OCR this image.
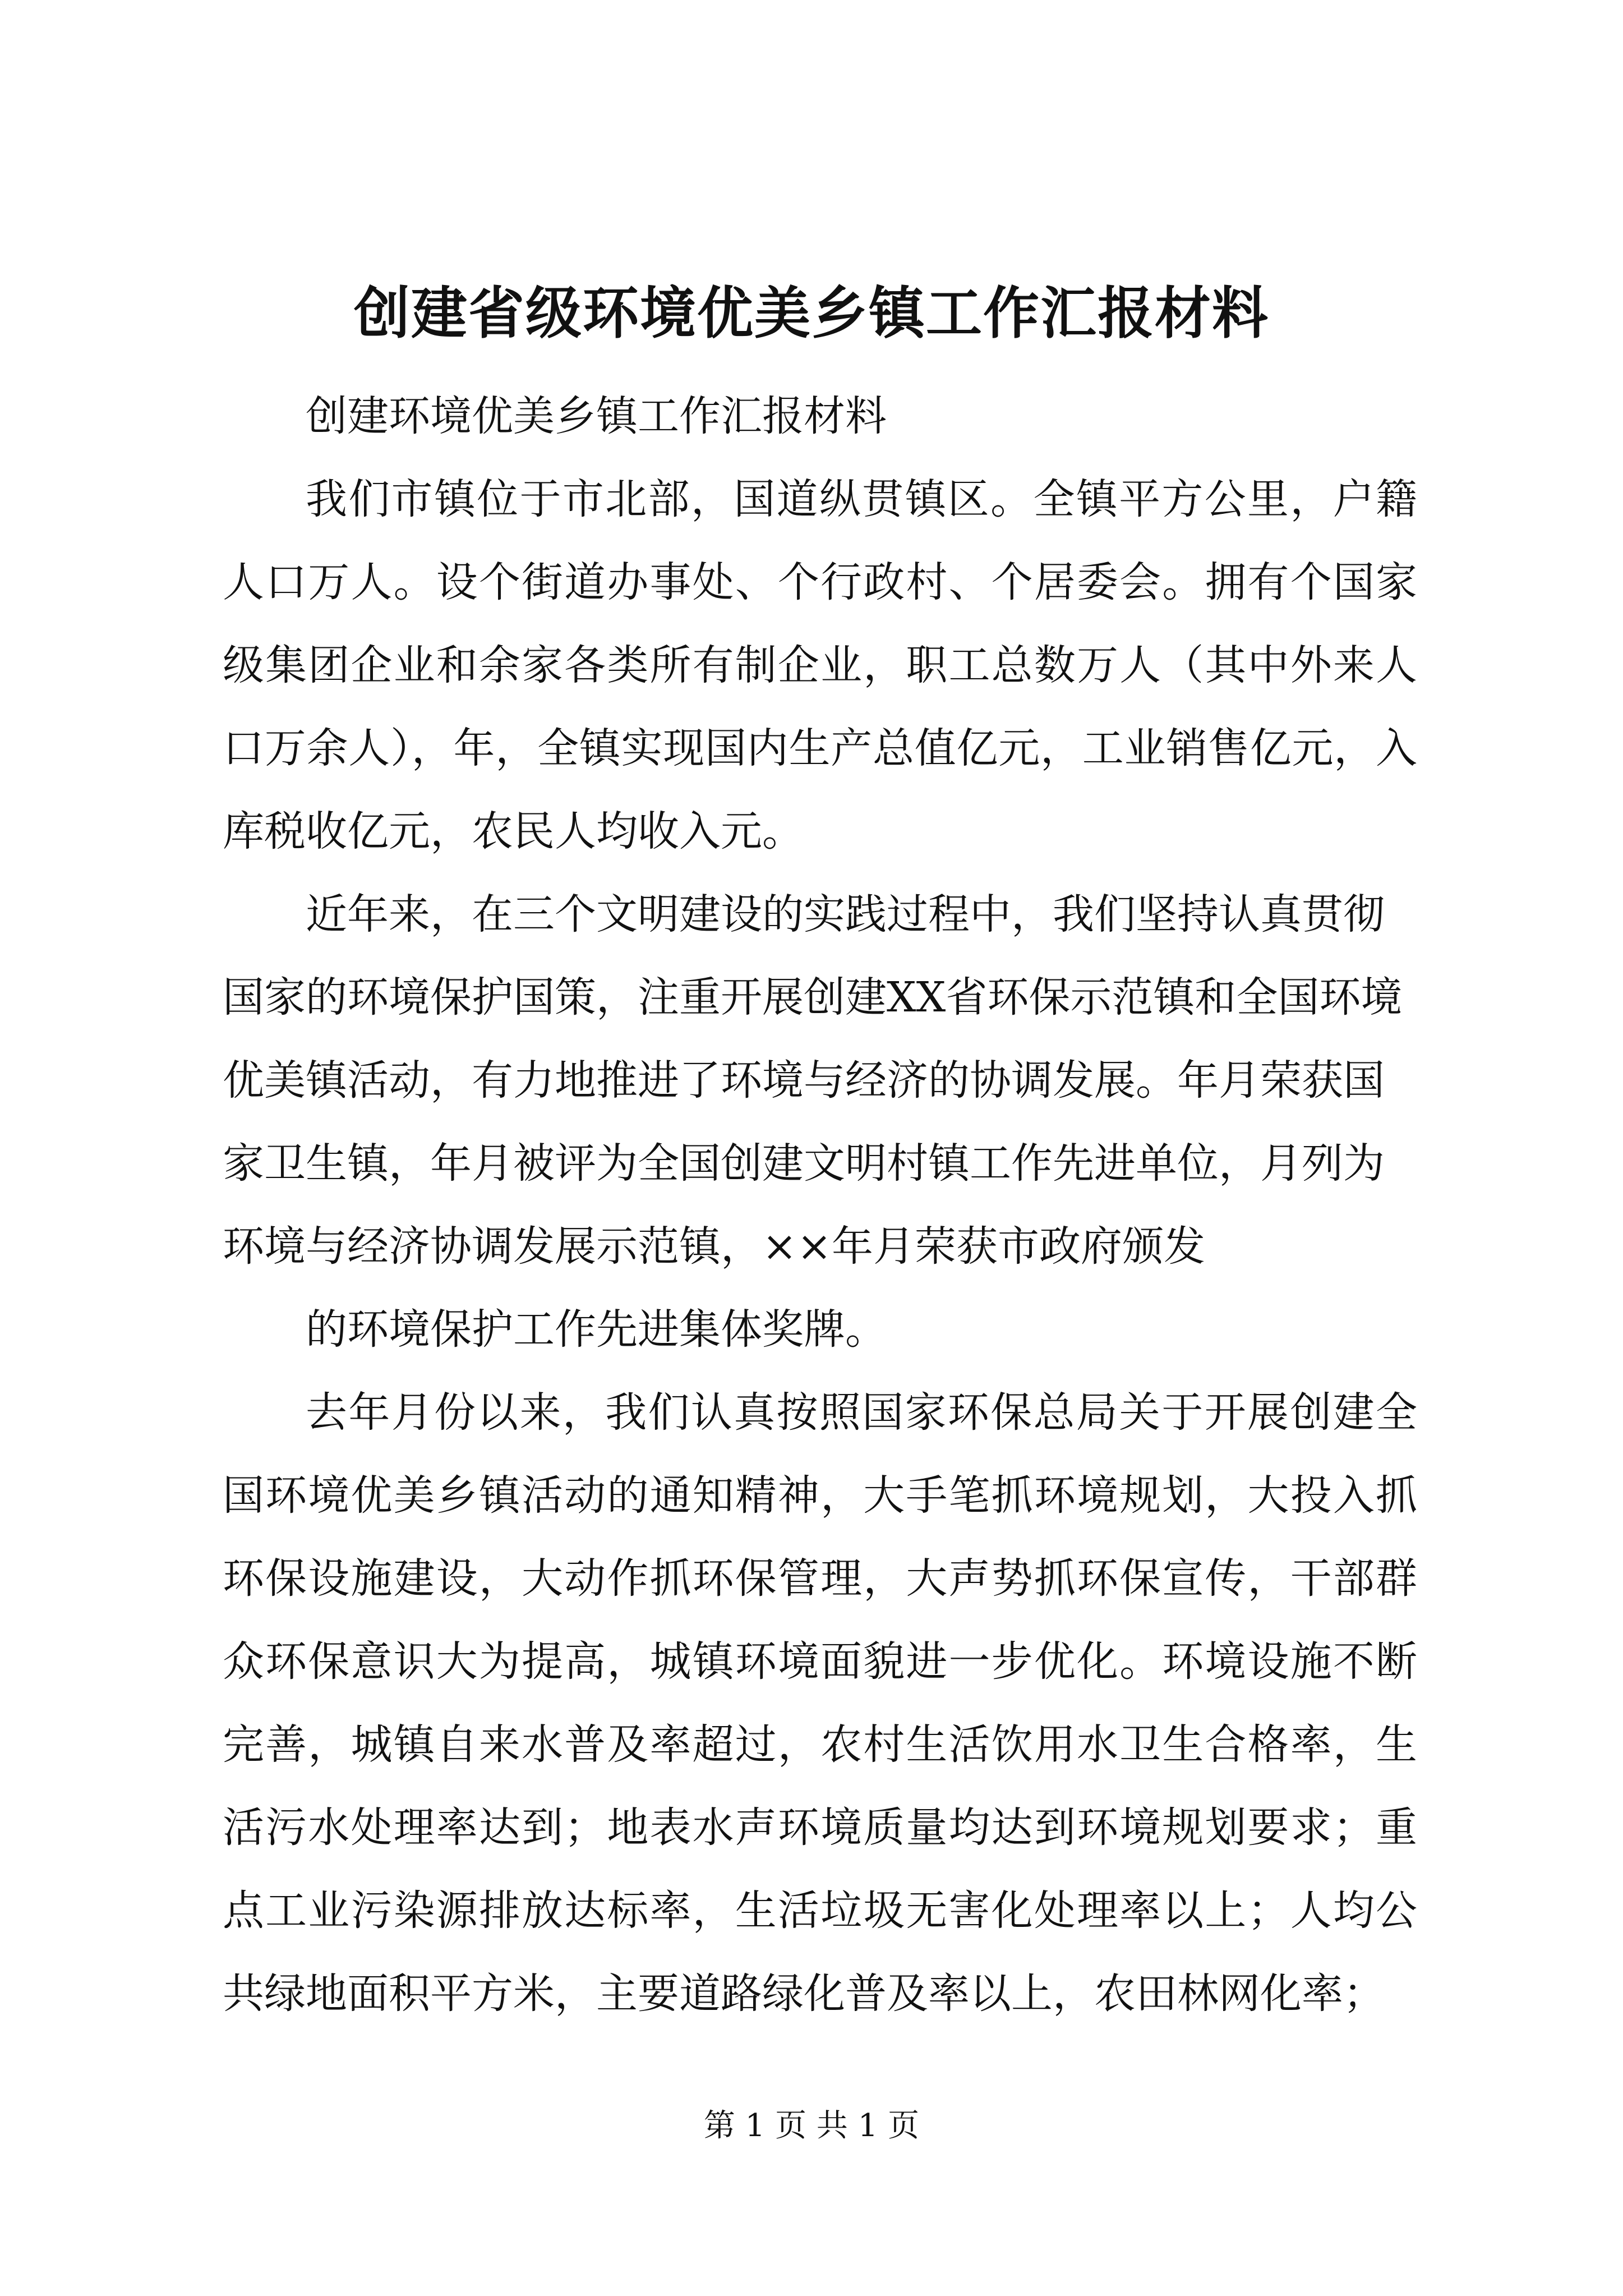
创建省级环境优美乡镇工作汇报材料

创建环境优美乡镇工作汇报材料

我们市镇位于市北部，国道纵贯镇区。全镇平方公里，户籍人口万人。设个街道办事处、个行政村、个居委会。拥有个国家级集团企业和余家各类所有制企业，职工总数万人（其中外来人口万余人），年，全镇实现国内生产总值亿元，工业销售亿元，入库税收亿元，农民人均收入元。

近年来，在三个文明建设的实践过程中，我们坚持认真贯彻国家的环境保护国策，注重开展创建XX省环保示范镇和全国环境优美镇活动，有力地推进了环境与经济的协调发展。年月荣获国家卫生镇，年月被评为全国创建文明村镇工作先进单位，月列为环境与经济协调发展示范镇，××年月荣获市政府颁发

的环境保护工作先进集体奖牌。

去年月份以来，我们认真按照国家环保总局关于开展创建全国环境优美乡镇活动的通知精神，大手笔抓环境规划，大投入抓环保设施建设，大动作抓环保管理，大声势抓环保宣传，干部群众环保意识大为提高，城镇环境面貌进一步优化。环境设施不断完善，城镇自来水普及率超过，农村生活饮用水卫生合格率，生活污水处理率达到；地表水声环境质量均达到环境规划要求；重点工业污染源排放达标率，生活垃圾无害化处理率以上；人均公共绿地面积平方米，主要道路绿化普及率以上，农田林网化率；

第 1 页 共 1 页
